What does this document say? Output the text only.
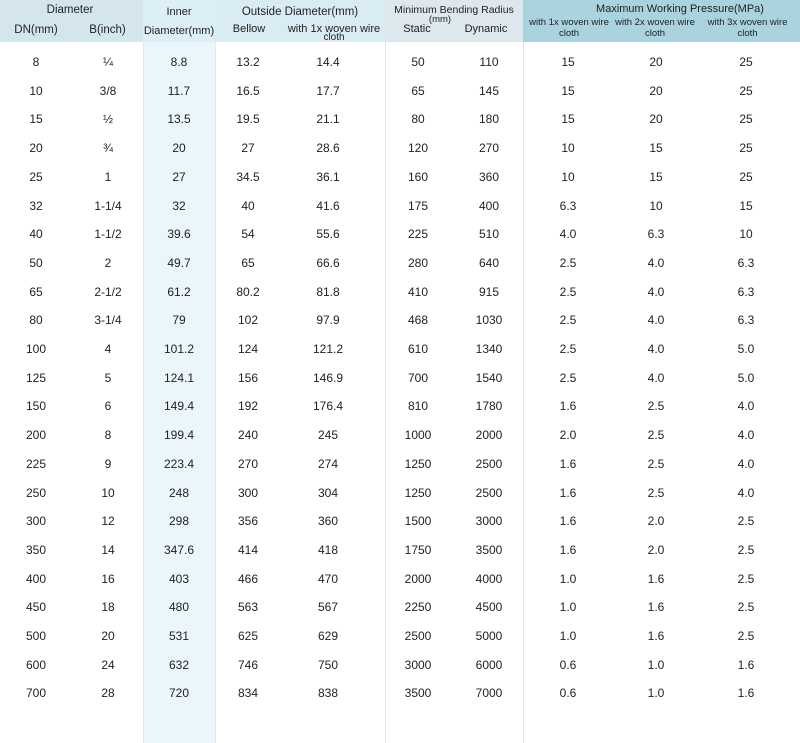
Diameter
DN(mm)	B(inch)
Inner
Diameter(mm)
Outside Diameter(mm)
Bellow	with 1x woven wire
cloth
Minimum Bending Radius
(mm)
Static	Dynamic
Maximum Working Pressure(MPa)
with 1x woven wire
cloth
with 2x woven wire
cloth
with 3x woven wire
cloth
8	¼	8.8	13.2	14.4	50	110	15	20	25
10	3/8	11.7	16.5	17.7	65	145	15	20	25
15	½	13.5	19.5	21.1	80	180	15	20	25
20	¾	20	27	28.6	120	270	10	15	25
25	1	27	34.5	36.1	160	360	10	15	25
32	1-1/4	32	40	41.6	175	400	6.3	10	15
40	1-1/2	39.6	54	55.6	225	510	4.0	6.3	10
50	2	49.7	65	66.6	280	640	2.5	4.0	6.3
65	2-1/2	61.2	80.2	81.8	410	915	2.5	4.0	6.3
80	3-1/4	79	102	97.9	468	1030	2.5	4.0	6.3
100	4	101.2	124	121.2	610	1340	2.5	4.0	5.0
125	5	124.1	156	146.9	700	1540	2.5	4.0	5.0
150	6	149.4	192	176.4	810	1780	1.6	2.5	4.0
200	8	199.4	240	245	1000	2000	2.0	2.5	4.0
225	9	223.4	270	274	1250	2500	1.6	2.5	4.0
250	10	248	300	304	1250	2500	1.6	2.5	4.0
300	12	298	356	360	1500	3000	1.6	2.0	2.5
350	14	347.6	414	418	1750	3500	1.6	2.0	2.5
400	16	403	466	470	2000	4000	1.0	1.6	2.5
450	18	480	563	567	2250	4500	1.0	1.6	2.5
500	20	531	625	629	2500	5000	1.0	1.6	2.5
600	24	632	746	750	3000	6000	0.6	1.0	1.6
700	28	720	834	838	3500	7000	0.6	1.0	1.6
